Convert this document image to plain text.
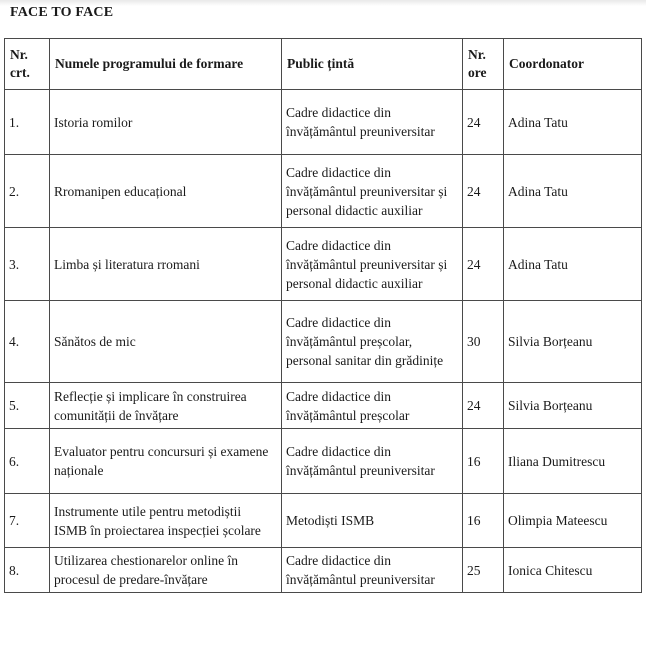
FACE TO FACE
Nr. crt.	Numele programului de formare	Public țintă	Nr. ore	Coordonator
1.	Istoria romilor	Cadre didactice din învățământul preuniversitar	24	Adina Tatu
2.	Rromanipen educațional	Cadre didactice din învățământul preuniversitar și personal didactic auxiliar	24	Adina Tatu
3.	Limba și literatura rromani	Cadre didactice din învățământul preuniversitar și personal didactic auxiliar	24	Adina Tatu
4.	Sănătos de mic	Cadre didactice din învățământul preșcolar, personal sanitar din grădinițe	30	Silvia Borțeanu
5.	Reflecție și implicare în construirea comunității de învățare	Cadre didactice din învățământul preșcolar	24	Silvia Borțeanu
6.	Evaluator pentru concursuri și examene naționale	Cadre didactice din învățământul preuniversitar	16	Iliana Dumitrescu
7.	Instrumente utile pentru metodiștii ISMB în proiectarea inspecției școlare	Metodiști ISMB	16	Olimpia Mateescu
8.	Utilizarea chestionarelor online în procesul de predare-învățare	Cadre didactice din învățământul preuniversitar	25	Ionica Chitescu
